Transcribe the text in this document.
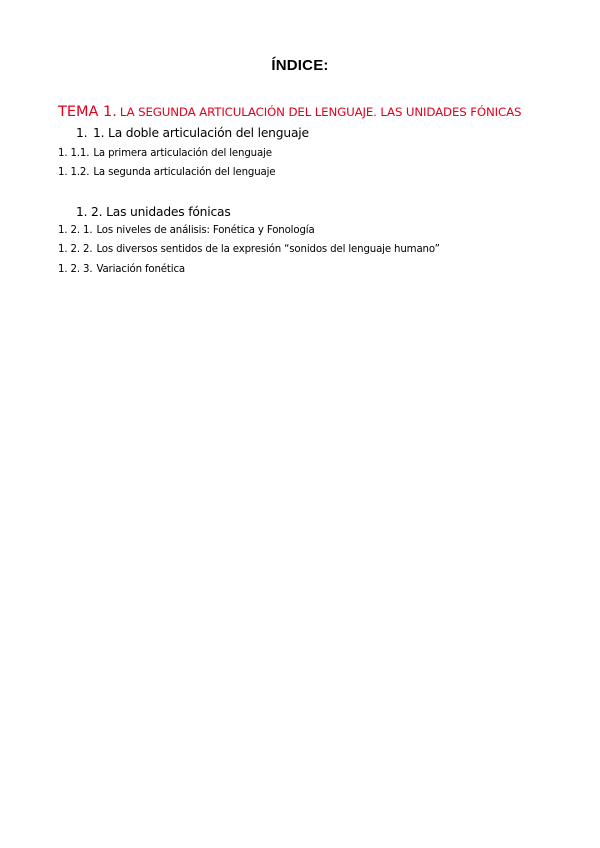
ÍNDICE:
TEMA 1. LA SEGUNDA ARTICULACIÓN DEL LENGUAJE. LAS UNIDADES FÓNICAS
1. 1. La doble articulación del lenguaje
1. 1.1. La primera articulación del lenguaje
1. 1.2. La segunda articulación del lenguaje
1. 2. Las unidades fónicas
1. 2. 1. Los niveles de análisis: Fonética y Fonología
1. 2. 2. Los diversos sentidos de la expresión “sonidos del lenguaje humano”
1. 2. 3. Variación fonética
